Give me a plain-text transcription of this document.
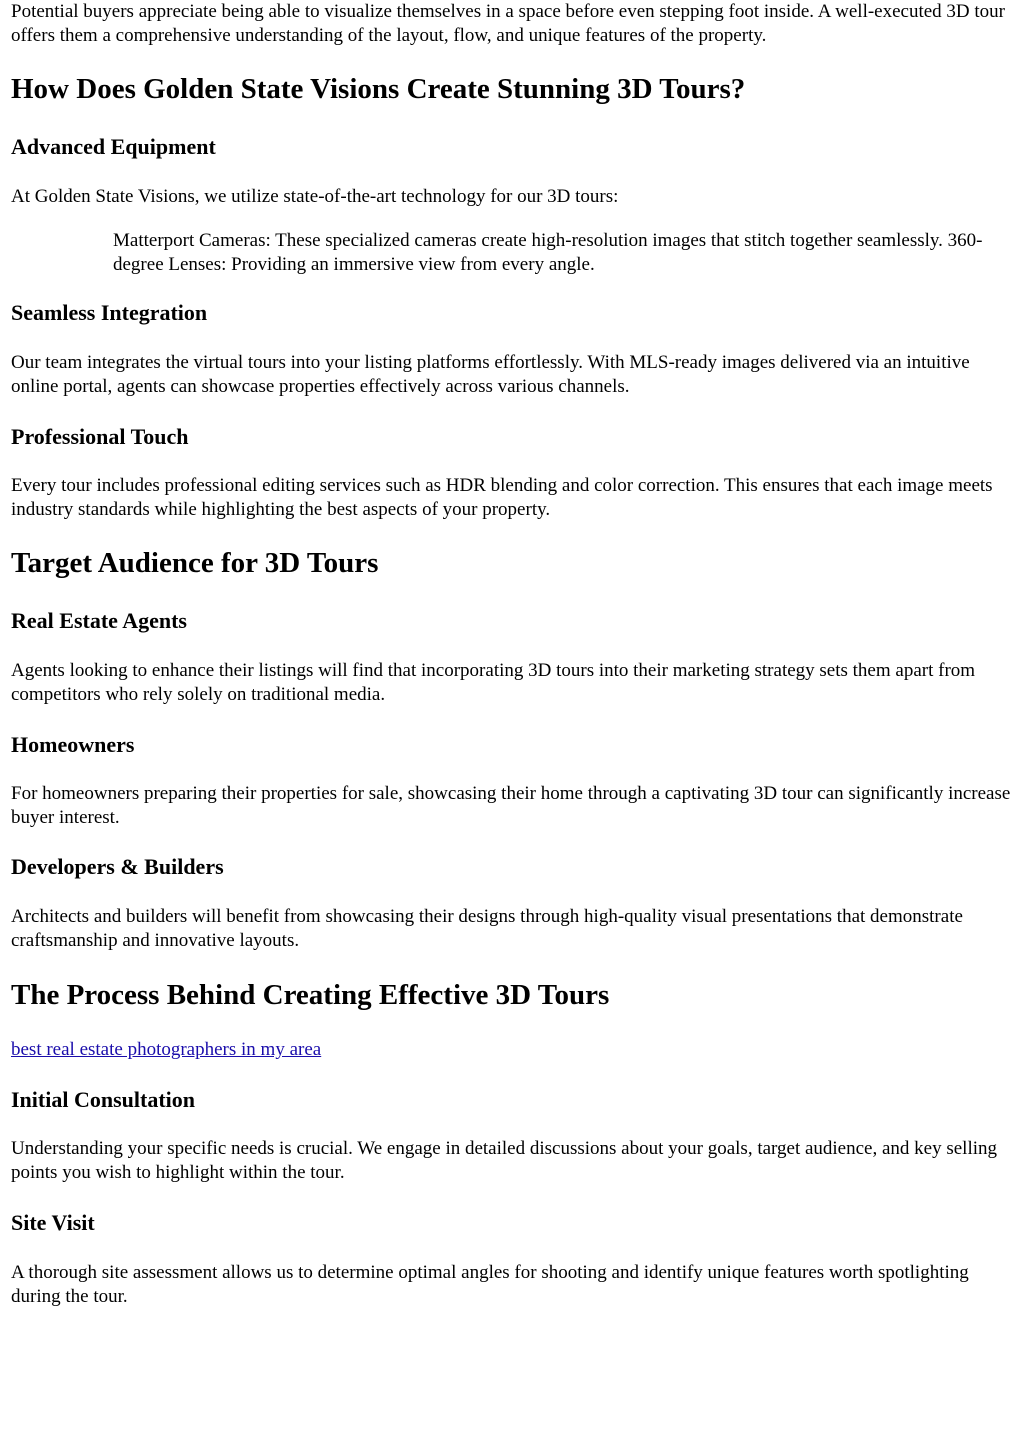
Potential buyers appreciate being able to visualize themselves in a space before even stepping foot inside. A well-executed 3D tour offers them a comprehensive understanding of the layout, flow, and unique features of the property.

How Does Golden State Visions Create Stunning 3D Tours?
Advanced Equipment

At Golden State Visions, we utilize state-of-the-art technology for our 3D tours:

Matterport Cameras: These specialized cameras create high-resolution images that stitch together seamlessly. 360-degree Lenses: Providing an immersive view from every angle.
Seamless Integration

Our team integrates the virtual tours into your listing platforms effortlessly. With MLS-ready images delivered via an intuitive online portal, agents can showcase properties effectively across various channels.

Professional Touch

Every tour includes professional editing services such as HDR blending and color correction. This ensures that each image meets industry standards while highlighting the best aspects of your property.

Target Audience for 3D Tours
Real Estate Agents

Agents looking to enhance their listings will find that incorporating 3D tours into their marketing strategy sets them apart from competitors who rely solely on traditional media.

Homeowners

For homeowners preparing their properties for sale, showcasing their home through a captivating 3D tour can significantly increase buyer interest.

Developers & Builders

Architects and builders will benefit from showcasing their designs through high-quality visual presentations that demonstrate craftsmanship and innovative layouts.

The Process Behind Creating Effective 3D Tours
best real estate photographers in my area
Initial Consultation

Understanding your specific needs is crucial. We engage in detailed discussions about your goals, target audience, and key selling points you wish to highlight within the tour.

Site Visit

A thorough site assessment allows us to determine optimal angles for shooting and identify unique features worth spotlighting during the tour.
